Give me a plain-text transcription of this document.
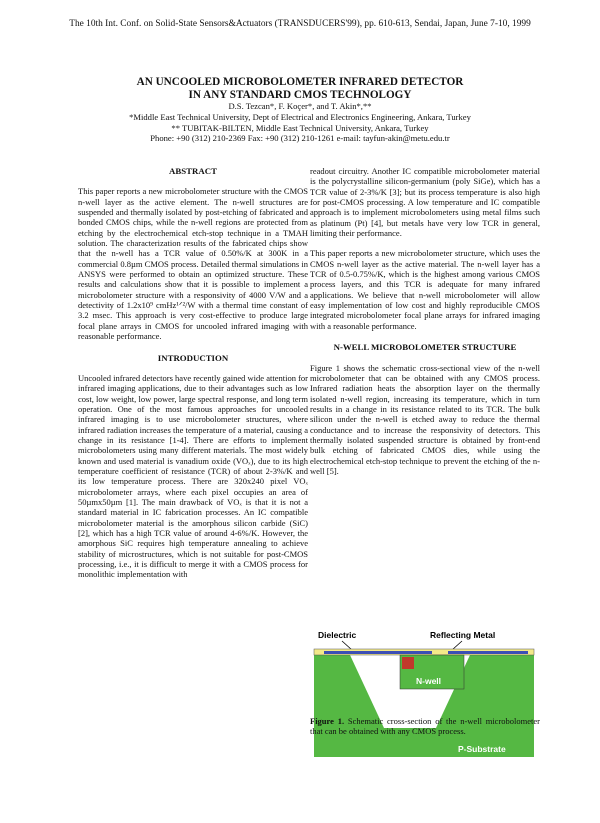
The 10th Int. Conf. on Solid-State Sensors&Actuators (TRANSDUCERS'99), pp. 610-613, Sendai, Japan, June 7-10, 1999
AN UNCOOLED MICROBOLOMETER INFRARED DETECTOR
IN ANY STANDARD CMOS TECHNOLOGY
D.S. Tezcan*, F. Koçer*, and T. Akin*,**
*Middle East Technical University, Dept of Electrical and Electronics Engineering, Ankara, Turkey
** TUBITAK-BILTEN, Middle East Technical University, Ankara, Turkey
Phone: +90 (312) 210-2369 Fax: +90 (312) 210-1261 e-mail: tayfun-akin@metu.edu.tr

ABSTRACT

This paper reports a new microbolometer structure with the CMOS n-well layer as the active element. The n-well structures are suspended and thermally isolated by post-etching of fabricated and bonded CMOS chips, while the n-well regions are protected from etching by the electrochemical etch-stop technique in a TMAH solution. The characterization results of the fabricated chips show that the n-well has a TCR value of 0.50%/K at 300K in a commercial 0.8µm CMOS process. Detailed thermal simulations in ANSYS were performed to obtain an optimized structure. These results and calculations show that it is possible to implement a microbolometer structure with a responsivity of 4000 V/W and a detectivity of 1.2x10⁹ cmHz¹ᐟ²/W with a thermal time constant of 3.2 msec. This approach is very cost-effective to produce large focal plane arrays in CMOS for uncooled infrared imaging with reasonable performance.

INTRODUCTION

Uncooled infrared detectors have recently gained wide attention for infrared imaging applications, due to their advantages such as low cost, low weight, low power, large spectral response, and long term operation. One of the most famous approaches for uncooled infrared imaging is to use microbolometer structures, where infrared radiation increases the temperature of a material, causing a change in its resistance [1-4]. There are efforts to implement microbolometers using many different materials. The most widely known and used material is vanadium oxide (VOₓ), due to its high temperature coefficient of resistance (TCR) of about 2-3%/K and its low temperature process. There are 320x240 pixel VOₓ microbolometer arrays, where each pixel occupies an area of 50µmx50µm [1]. The main drawback of VOₓ is that it is not a standard material in IC fabrication processes. An IC compatible microbolometer material is the amorphous silicon carbide (SiC) [2], which has a high TCR value of around 4-6%/K. However, the amorphous SiC requires high temperature annealing to achieve stability of microstructures, which is not suitable for post-CMOS processing, i.e., it is difficult to merge it with a CMOS process for monolithic implementation with

readout circuitry. Another IC compatible microbolometer material is the polycrystalline silicon-germanium (poly SiGe), which has a TCR value of 2-3%/K [3]; but its process temperature is also high for post-CMOS processing. A low temperature and IC compatible approach is to implement microbolometers using metal films such as platinum (Pt) [4], but metals have very low TCR in general, limiting their performance.

This paper reports a new microbolometer structure, which uses the CMOS n-well layer as the active material. The n-well layer has a TCR of 0.5-0.75%/K, which is the highest among various CMOS process layers, and this TCR is adequate for many infrared applications. We believe that n-well microbolometer will allow easy implementation of low cost and highly reproducible CMOS integrated microbolometer focal plane arrays for infrared imaging with a reasonable performance.

N-WELL MICROBOLOMETER STRUCTURE

Figure 1 shows the schematic cross-sectional view of the n-well microbolometer that can be obtained with any CMOS process. Infrared radiation heats the absorption layer on the thermally isolated n-well region, increasing its temperature, which in turn results in a change in its resistance related to its TCR. The bulk silicon under the n-well is etched away to reduce the thermal conductance and to increase the responsivity of detectors. This thermally isolated suspended structure is obtained by front-end bulk etching of fabricated CMOS dies, while using the electrochemical etch-stop technique to prevent the etching of the n-well [5].

Dielectric	Reflecting Metal
N-well
P-Substrate
Figure 1. Schematic cross-section of the n-well microbolometer that can be obtained with any CMOS process.
